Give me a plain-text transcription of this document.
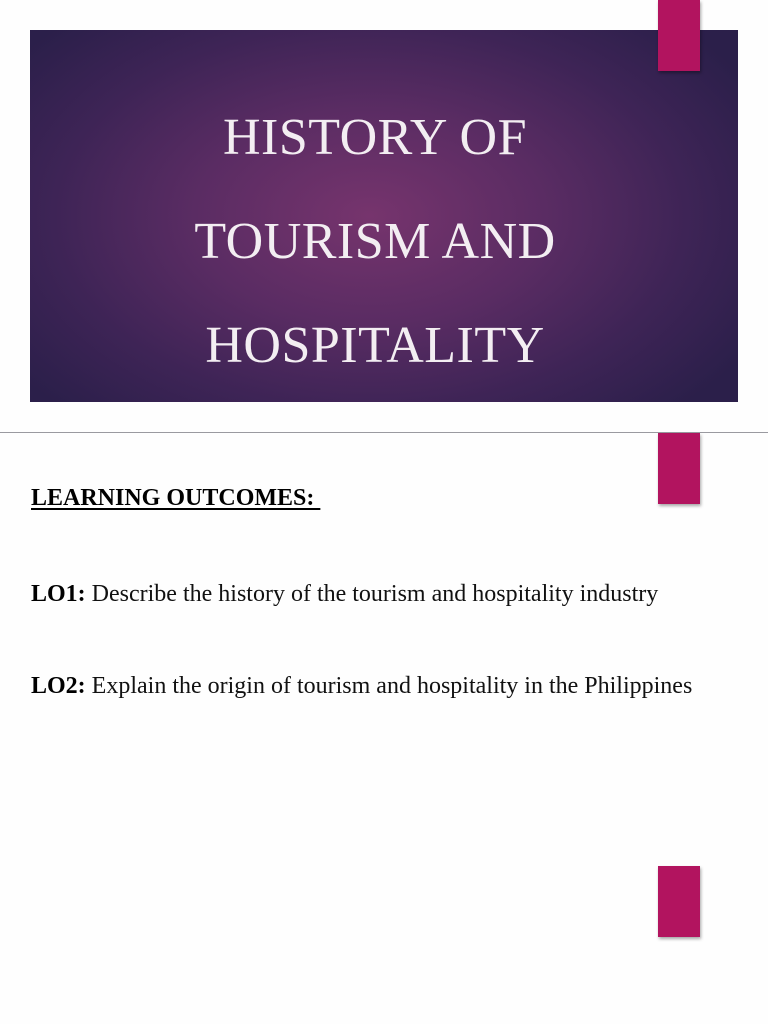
HISTORY OF
TOURISM AND
HOSPITALITY
LEARNING OUTCOMES:

LO1: Describe the history of the tourism and hospitality industry

LO2: Explain the origin of tourism and hospitality in the Philippines
